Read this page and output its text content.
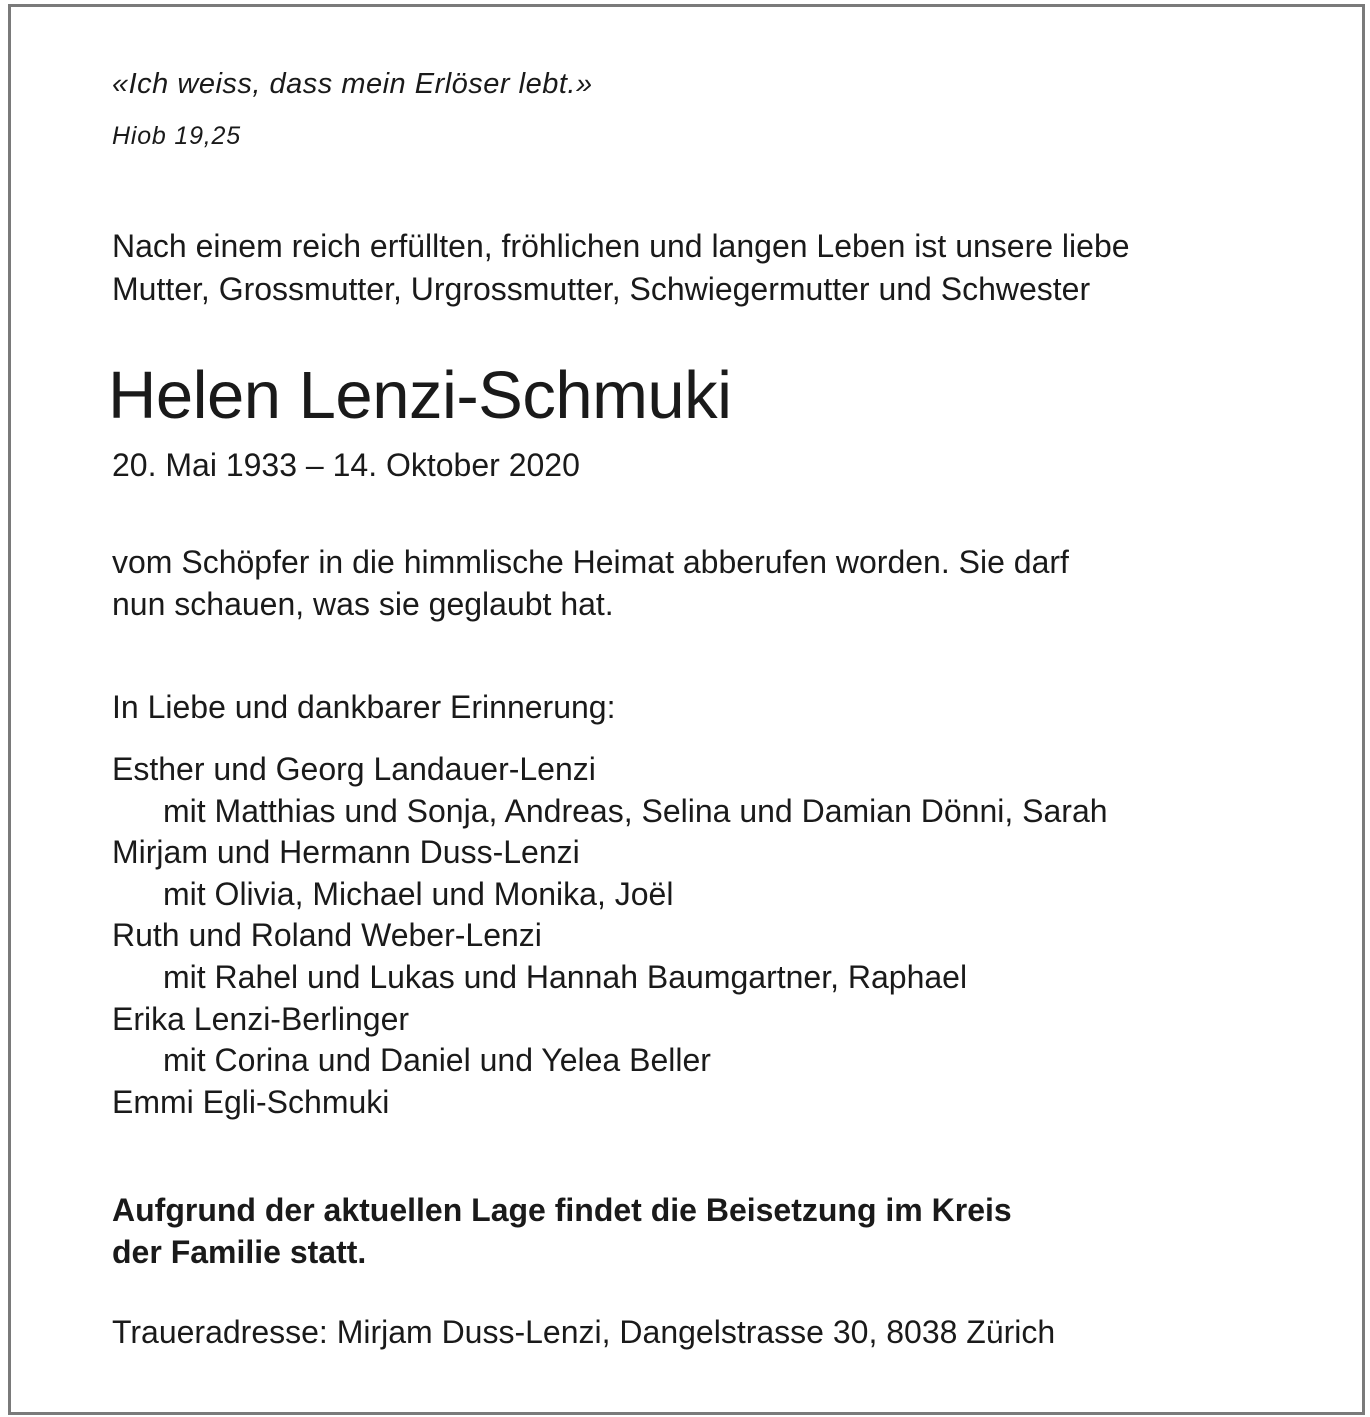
«Ich weiss, dass mein Erlöser lebt.»
Hiob 19,25
Nach einem reich erfüllten, fröhlichen und langen Leben ist unsere liebe
Mutter, Grossmutter, Urgrossmutter, Schwiegermutter und Schwester
Helen Lenzi-Schmuki
20. Mai 1933 – 14. Oktober 2020
vom Schöpfer in die himmlische Heimat abberufen worden. Sie darf
nun schauen, was sie geglaubt hat.
In Liebe und dankbarer Erinnerung:
Esther und Georg Landauer-Lenzi
mit Matthias und Sonja, Andreas, Selina und Damian Dönni, Sarah
Mirjam und Hermann Duss-Lenzi
mit Olivia, Michael und Monika, Joël
Ruth und Roland Weber-Lenzi
mit Rahel und Lukas und Hannah Baumgartner, Raphael
Erika Lenzi-Berlinger
mit Corina und Daniel und Yelea Beller
Emmi Egli-Schmuki
Aufgrund der aktuellen Lage findet die Beisetzung im Kreis
der Familie statt.
Traueradresse: Mirjam Duss-Lenzi, Dangelstrasse 30, 8038 Zürich
